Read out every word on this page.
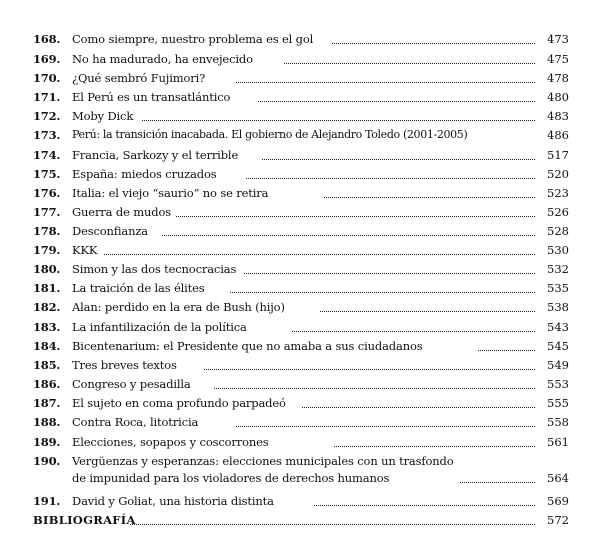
168.	Como siempre, nuestro problema es el gol	473
169.	No ha madurado, ha envejecido	475
170.	¿Qué sembró Fujimori?	478
171.	El Perú es un transatlántico	480
172.	Moby Dick	483
173.	Perú: la transición inacabada. El gobierno de Alejandro Toledo (2001-2005)	486
174.	Francia, Sarkozy y el terrible	517
175.	España: miedos cruzados	520
176.	Italia: el viejo “saurio” no se retira	523
177.	Guerra de mudos	526
178.	Desconfianza	528
179.	KKK	530
180.	Simon y las dos tecnocracias	532
181.	La traición de las élites	535
182.	Alan: perdido en la era de Bush (hijo)	538
183.	La infantilización de la política	543
184.	Bicentenarium: el Presidente que no amaba a sus ciudadanos	545
185.	Tres breves textos	549
186.	Congreso y pesadilla	553
187.	El sujeto en coma profundo parpadeó	555
188.	Contra Roca, litotricia	558
189.	Elecciones, sopapos y coscorrones	561
190.	Vergüenzas y esperanzas: elecciones municipales con un trasfondo
de impunidad para los violadores de derechos humanos	564
191.	David y Goliat, una historia distinta	569
BIBLIOGRAFÍA	572
